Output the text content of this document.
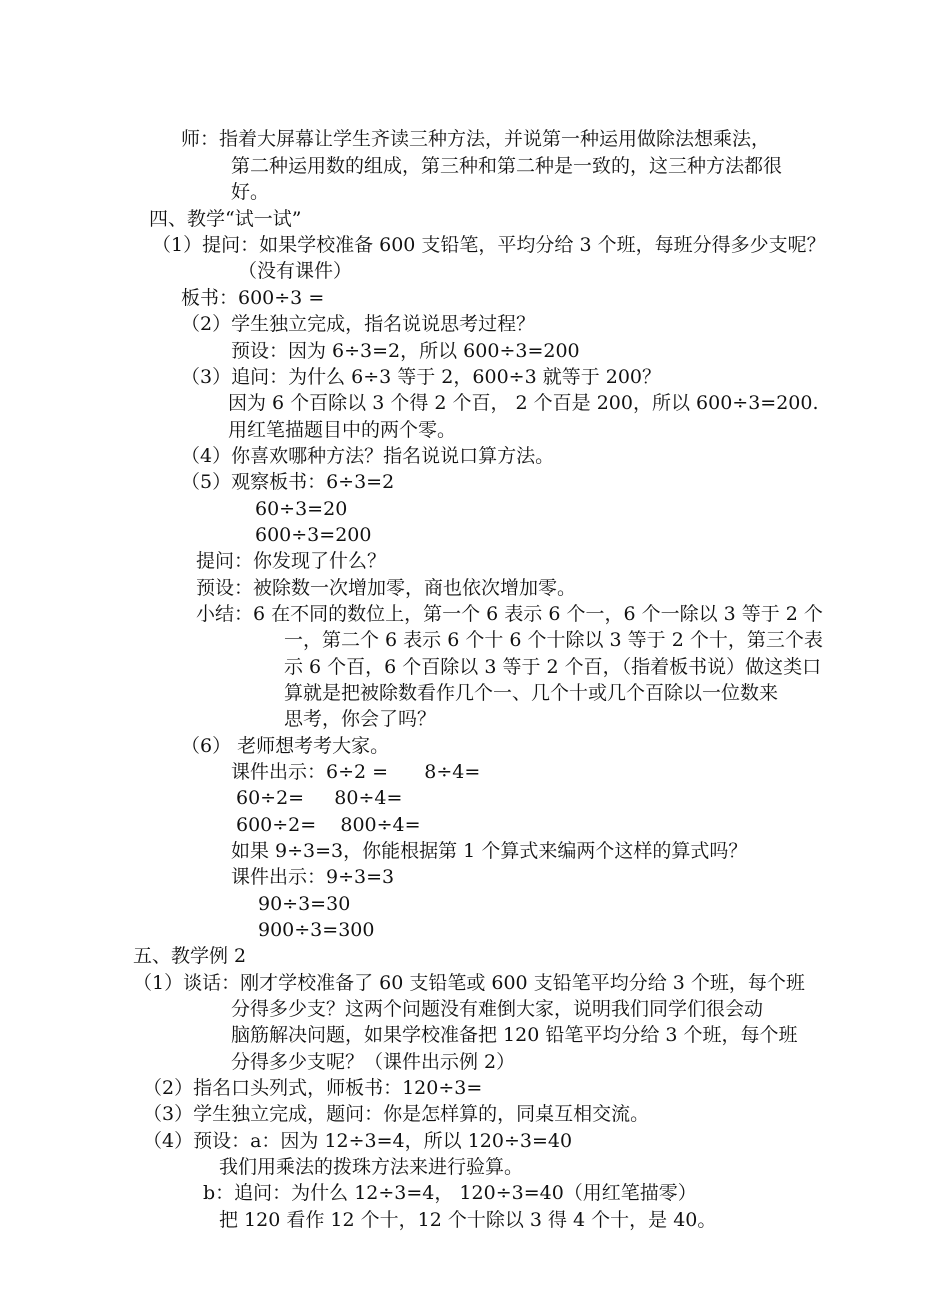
师：指着大屏幕让学生齐读三种方法，并说第一种运用做除法想乘法，
第二种运用数的组成，第三种和第二种是一致的，这三种方法都很
好。
四、教学“试一试”
（1）提问：如果学校准备 600 支铅笔，平均分给 3 个班，每班分得多少支呢？
（没有课件）
板书：600÷3 =
（2）学生独立完成，指名说说思考过程？
预设：因为 6÷3=2，所以 600÷3=200
（3）追问：为什么 6÷3 等于 2，600÷3 就等于 200？
因为 6 个百除以 3 个得 2 个百， 2 个百是 200，所以 600÷3=200.
用红笔描题目中的两个零。
（4）你喜欢哪种方法？指名说说口算方法。
（5）观察板书：6÷3=2
60÷3=20
600÷3=200
提问：你发现了什么？
预设：被除数一次增加零，商也依次增加零。
小结：6 在不同的数位上，第一个 6 表示 6 个一，6 个一除以 3 等于 2 个
一，第二个 6 表示 6 个十 6 个十除以 3 等于 2 个十，第三个表
示 6 个百，6 个百除以 3 等于 2 个百，（指着板书说）做这类口
算就是把被除数看作几个一、几个十或几个百除以一位数来
思考，你会了吗？
（6） 老师想考考大家。
课件出示：6÷2 =      8÷4=
60÷2=     80÷4=
600÷2=    800÷4=
如果 9÷3=3，你能根据第 1 个算式来编两个这样的算式吗？
课件出示：9÷3=3
90÷3=30
900÷3=300
五、教学例 2
（1）谈话：刚才学校准备了 60 支铅笔或 600 支铅笔平均分给 3 个班，每个班
分得多少支？这两个问题没有难倒大家，说明我们同学们很会动
脑筋解决问题，如果学校准备把 120 铅笔平均分给 3 个班，每个班
分得多少支呢？（课件出示例 2）
（2）指名口头列式，师板书：120÷3=
（3）学生独立完成，题问：你是怎样算的，同桌互相交流。
（4）预设：a：因为 12÷3=4，所以 120÷3=40
我们用乘法的拨珠方法来进行验算。
b：追问：为什么 12÷3=4， 120÷3=40（用红笔描零）
把 120 看作 12 个十，12 个十除以 3 得 4 个十，是 40。
